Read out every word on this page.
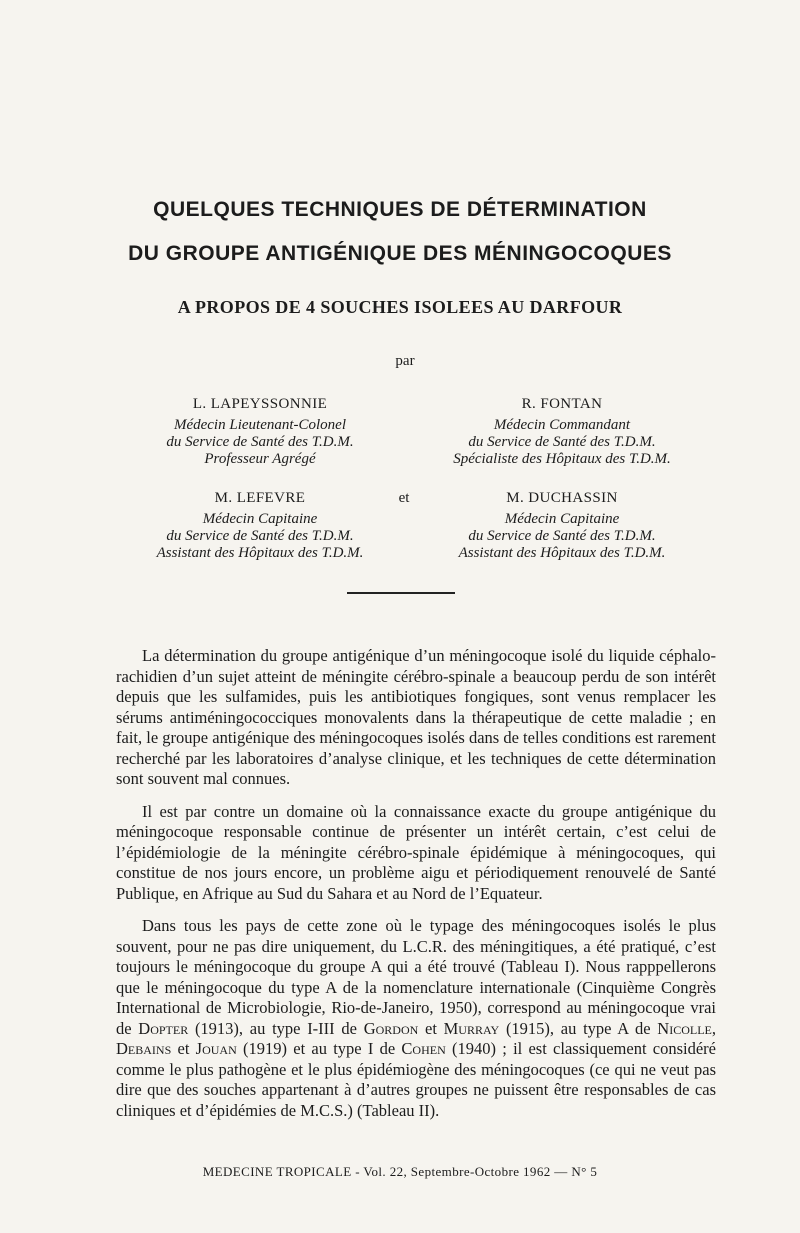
QUELQUES TECHNIQUES DE DÉTERMINATION
DU GROUPE ANTIGÉNIQUE DES MÉNINGOCOQUES
A PROPOS DE 4 SOUCHES ISOLEES AU DARFOUR
par
L. LAPEYSSONNIE
Médecin Lieutenant-Colonel
du Service de Santé des T.D.M.
Professeur Agrégé
R. FONTAN
Médecin Commandant
du Service de Santé des T.D.M.
Spécialiste des Hôpitaux des T.D.M.
et
M. LEFEVRE
Médecin Capitaine
du Service de Santé des T.D.M.
Assistant des Hôpitaux des T.D.M.
M. DUCHASSIN
Médecin Capitaine
du Service de Santé des T.D.M.
Assistant des Hôpitaux des T.D.M.

La détermination du groupe antigénique d’un méningocoque isolé du liquide céphalo-rachidien d’un sujet atteint de méningite cérébro-spinale a beaucoup perdu de son intérêt depuis que les sulfamides, puis les antibiotiques fongiques, sont venus remplacer les sérums antiméningococciques monovalents dans la thérapeutique de cette maladie ; en fait, le groupe antigénique des méningocoques isolés dans de telles conditions est rarement recherché par les laboratoires d’analyse clinique, et les techniques de cette détermination sont souvent mal connues.

Il est par contre un domaine où la connaissance exacte du groupe antigénique du méningocoque responsable continue de présenter un intérêt certain, c’est celui de l’épidémiologie de la méningite cérébro-spinale épidémique à méningocoques, qui constitue de nos jours encore, un problème aigu et périodiquement renouvelé de Santé Publique, en Afrique au Sud du Sahara et au Nord de l’Equateur.

Dans tous les pays de cette zone où le typage des méningocoques isolés le plus souvent, pour ne pas dire uniquement, du L.C.R. des méningitiques, a été pratiqué, c’est toujours le méningocoque du groupe A qui a été trouvé (Tableau I). Nous rapppellerons que le méningocoque du type A de la nomenclature internationale (Cinquième Congrès International de Microbiologie, Rio-de-Janeiro, 1950), correspond au méningocoque vrai de Dopter (1913), au type I-III de Gordon et Murray (1915), au type A de Nicolle, Debains et Jouan (1919) et au type I de Cohen (1940) ; il est classiquement considéré comme le plus pathogène et le plus épidémiogène des méningocoques (ce qui ne veut pas dire que des souches appartenant à d’autres groupes ne puissent être responsables de cas cliniques et d’épidémies de M.C.S.) (Tableau II).

MEDECINE TROPICALE - Vol. 22, Septembre-Octobre 1962 — N° 5
